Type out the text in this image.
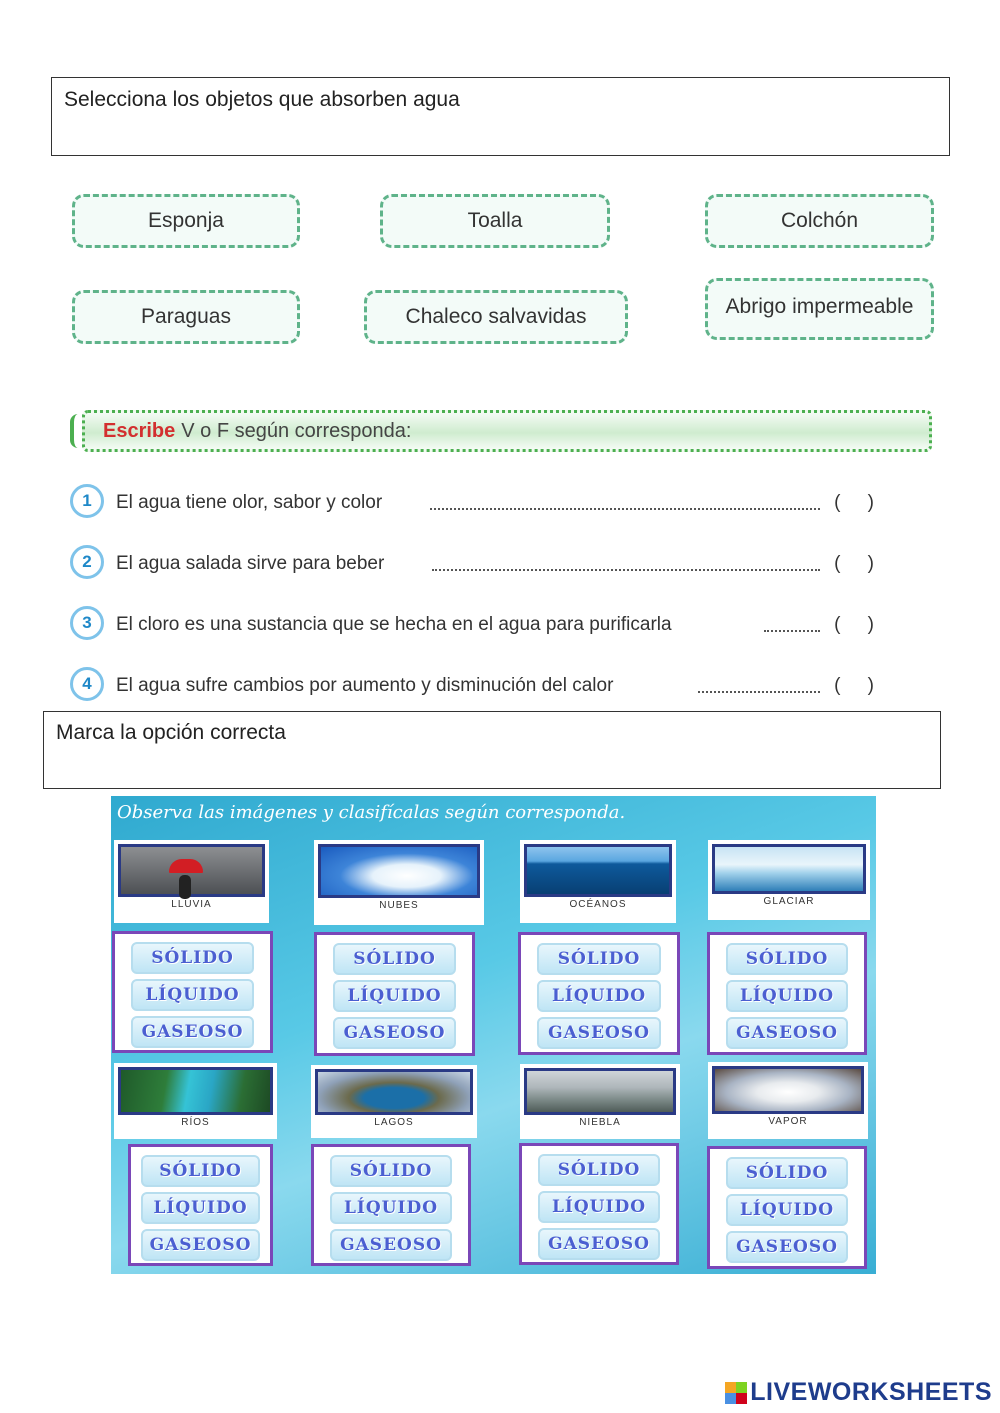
Selecciona los objetos que absorben agua
Esponja	Toalla	Colchón
Paraguas	Chaleco salvavidas	Abrigo impermeable
Escribe V o F según corresponda:
1	El agua tiene olor, sabor y color	( )
2	El agua salada sirve para beber	( )
3	El cloro es una sustancia que se hecha en el agua para purificarla	( )
4	El agua sufre cambios por aumento y disminución del calor	( )
Marca la opción correcta
Observa las imágenes y clasifícalas según corresponda.
LLUVIA	NUBES	OCÉANOS	GLACIAR
SÓLIDO
LÍQUIDO
GASEOSO
SÓLIDO
LÍQUIDO
GASEOSO
SÓLIDO
LÍQUIDO
GASEOSO
SÓLIDO
LÍQUIDO
GASEOSO
RÍOS	LAGOS	NIEBLA	VAPOR
SÓLIDO
LÍQUIDO
GASEOSO
SÓLIDO
LÍQUIDO
GASEOSO
SÓLIDO
LÍQUIDO
GASEOSO
SÓLIDO
LÍQUIDO
GASEOSO
LIVEWORKSHEETS
